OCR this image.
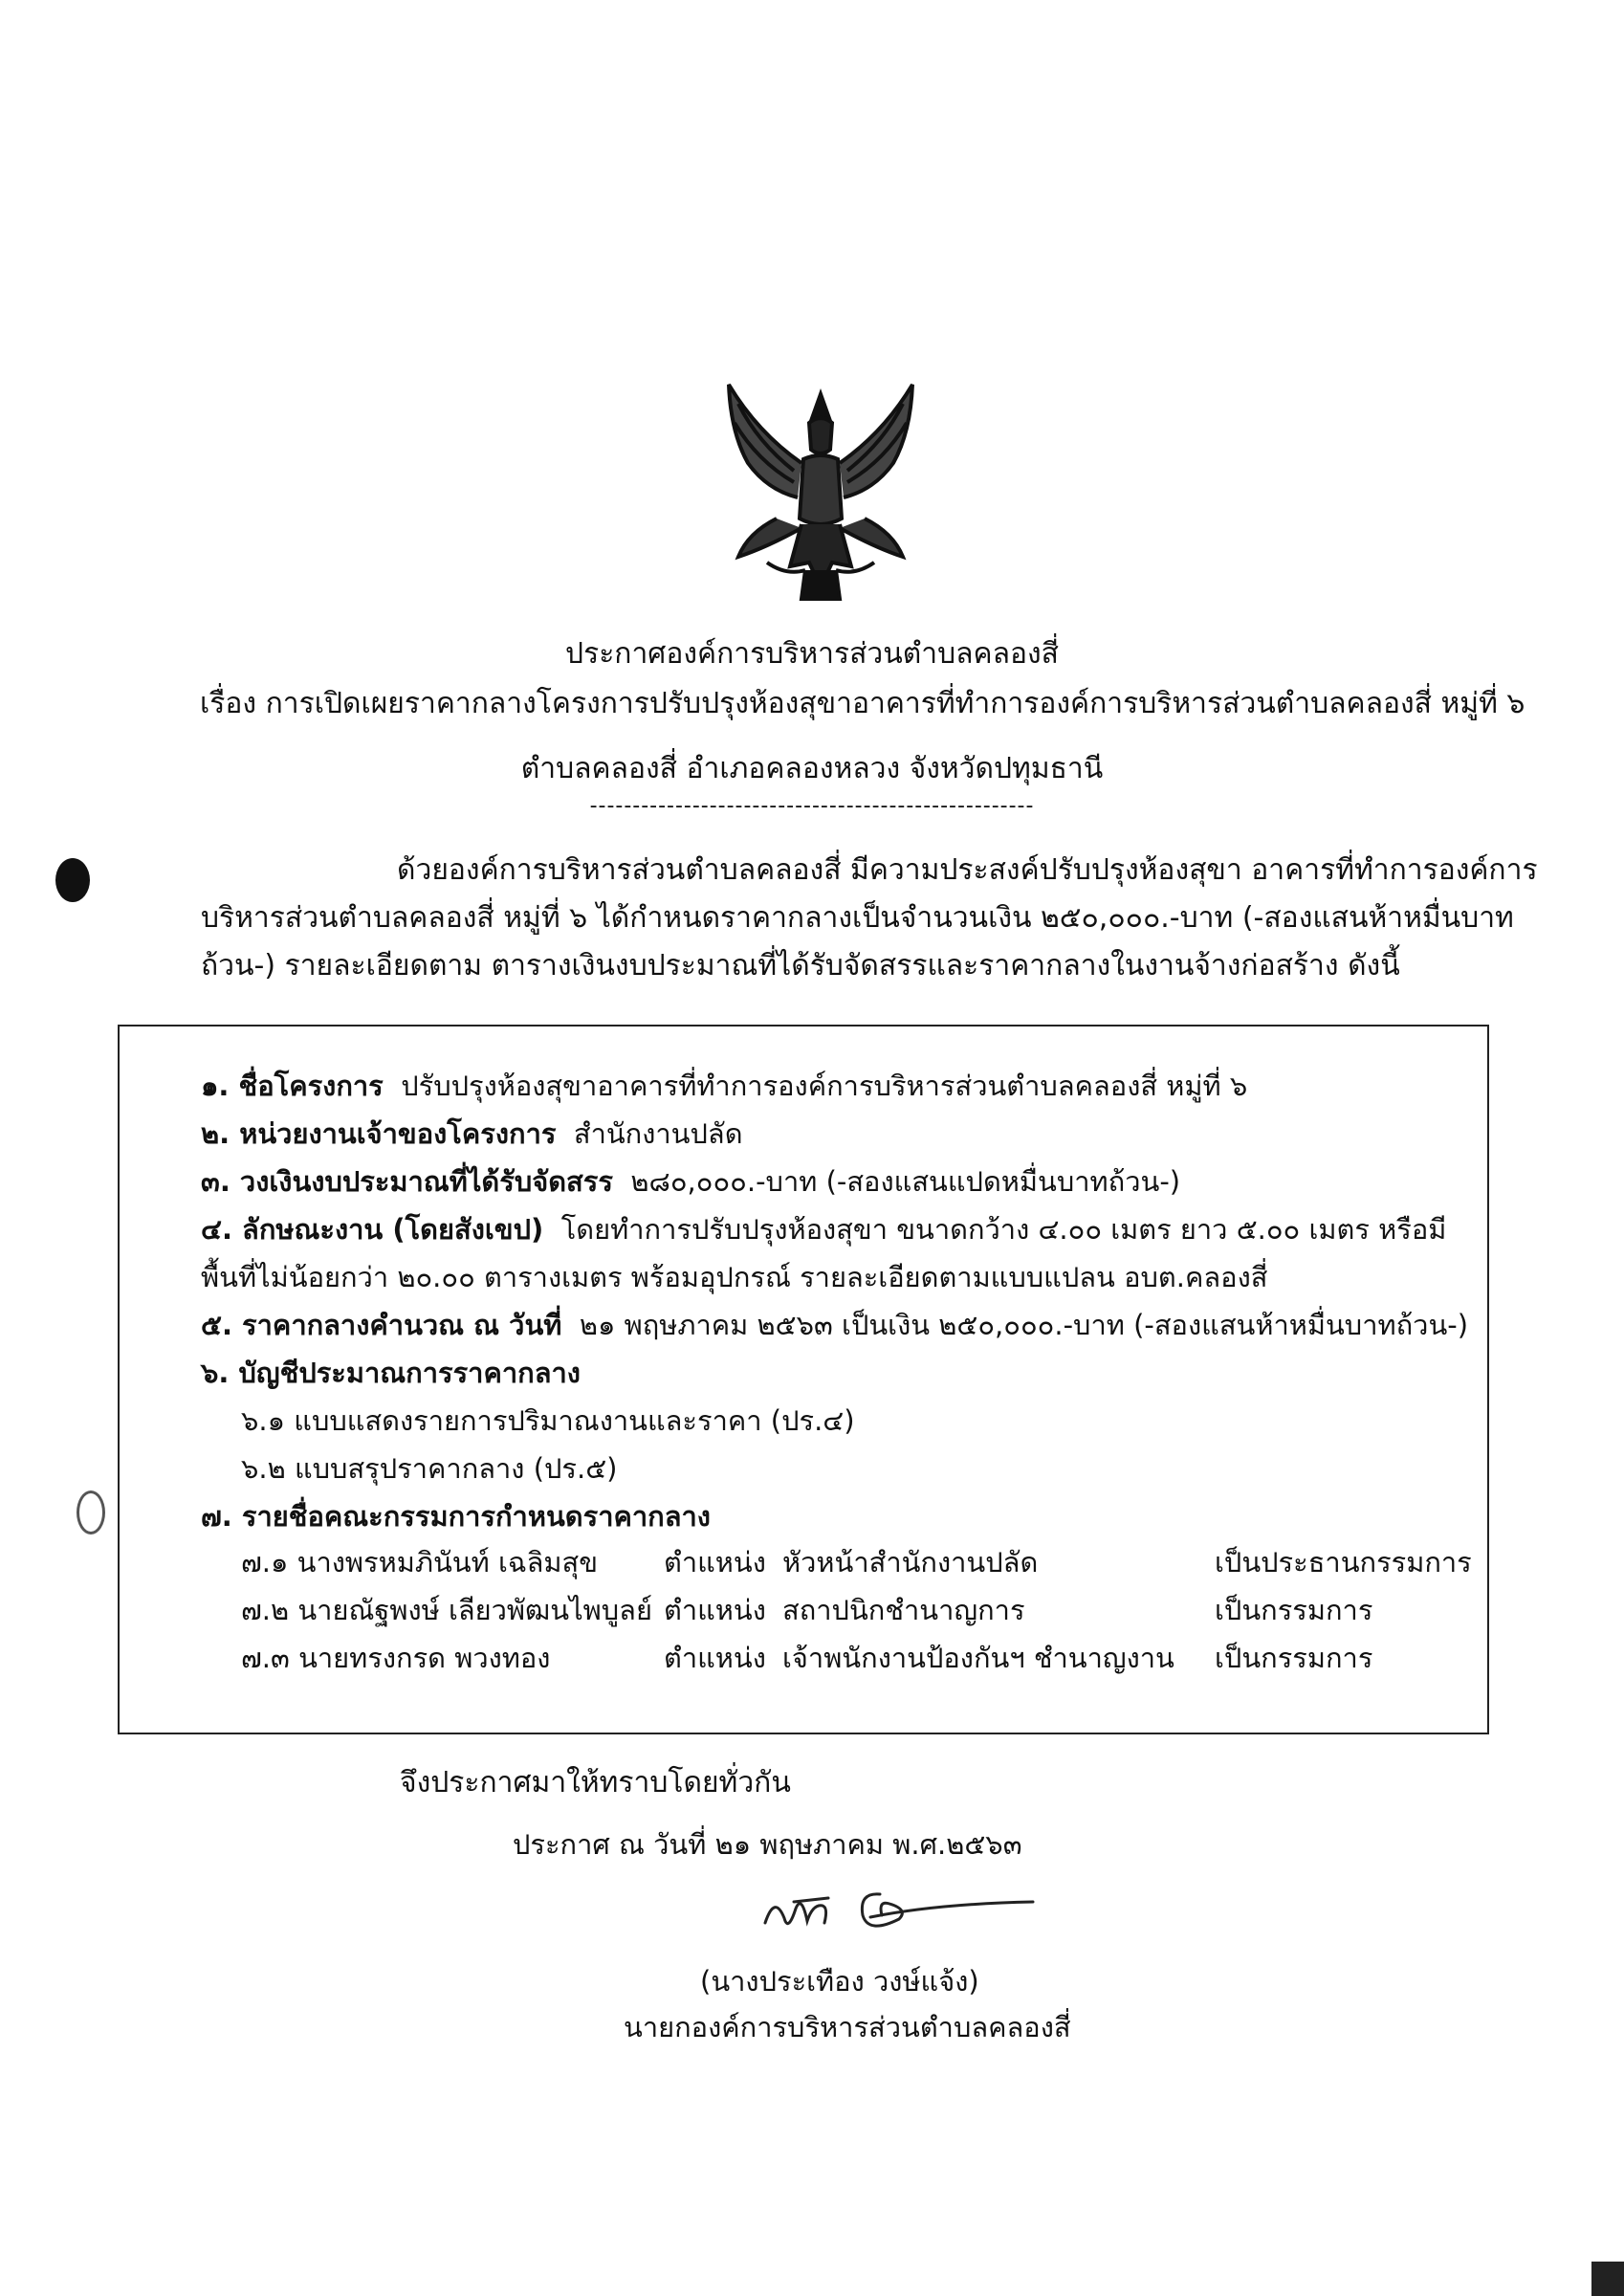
ประกาศองค์การบริหารส่วนตำบลคลองสี่
เรื่อง การเปิดเผยราคากลางโครงการปรับปรุงห้องสุขาอาคารที่ทำการองค์การบริหารส่วนตำบลคลองสี่ หมู่ที่ ๖
ตำบลคลองสี่ อำเภอคลองหลวง จังหวัดปทุมธานี
----------------------------------------------------
ด้วยองค์การบริหารส่วนตำบลคลองสี่ มีความประสงค์ปรับปรุงห้องสุขา อาคารที่ทำการองค์การ
บริหารส่วนตำบลคลองสี่ หมู่ที่ ๖ ได้กำหนดราคากลางเป็นจำนวนเงิน ๒๕๐,๐๐๐.-บาท (-สองแสนห้าหมื่นบาท
ถ้วน-) รายละเอียดตาม ตารางเงินงบประมาณที่ได้รับจัดสรรและราคากลางในงานจ้างก่อสร้าง ดังนี้
๑. ชื่อโครงการ ปรับปรุงห้องสุขาอาคารที่ทำการองค์การบริหารส่วนตำบลคลองสี่ หมู่ที่ ๖
๒. หน่วยงานเจ้าของโครงการ สำนักงานปลัด
๓. วงเงินงบประมาณที่ได้รับจัดสรร ๒๘๐,๐๐๐.-บาท (-สองแสนแปดหมื่นบาทถ้วน-)
๔. ลักษณะงาน (โดยสังเขป) โดยทำการปรับปรุงห้องสุขา ขนาดกว้าง ๔.๐๐ เมตร ยาว ๕.๐๐ เมตร หรือมี
พื้นที่ไม่น้อยกว่า ๒๐.๐๐ ตารางเมตร พร้อมอุปกรณ์ รายละเอียดตามแบบแปลน อบต.คลองสี่
๕. ราคากลางคำนวณ ณ วันที่ ๒๑ พฤษภาคม ๒๕๖๓ เป็นเงิน ๒๕๐,๐๐๐.-บาท (-สองแสนห้าหมื่นบาทถ้วน-)
๖. บัญชีประมาณการราคากลาง
๖.๑ แบบแสดงรายการปริมาณงานและราคา (ปร.๔)
๖.๒ แบบสรุปราคากลาง (ปร.๕)
๗. รายชื่อคณะกรรมการกำหนดราคากลาง
๗.๑ นางพรหมภินันท์ เฉลิมสุข ตำแหน่ง หัวหน้าสำนักงานปลัด	เป็นประธานกรรมการ
๗.๒ นายณัฐพงษ์ เลียวพัฒนไพบูลย์ ตำแหน่ง สถาปนิกชำนาญการ	เป็นกรรมการ
๗.๓ นายทรงกรด พวงทอง	ตำแหน่ง เจ้าพนักงานป้องกันฯ ชำนาญงาน เป็นกรรมการ
จึงประกาศมาให้ทราบโดยทั่วกัน
ประกาศ ณ วันที่ ๒๑ พฤษภาคม พ.ศ.๒๕๖๓
(นางประเทือง วงษ์แจ้ง)
นายกองค์การบริหารส่วนตำบลคลองสี่
